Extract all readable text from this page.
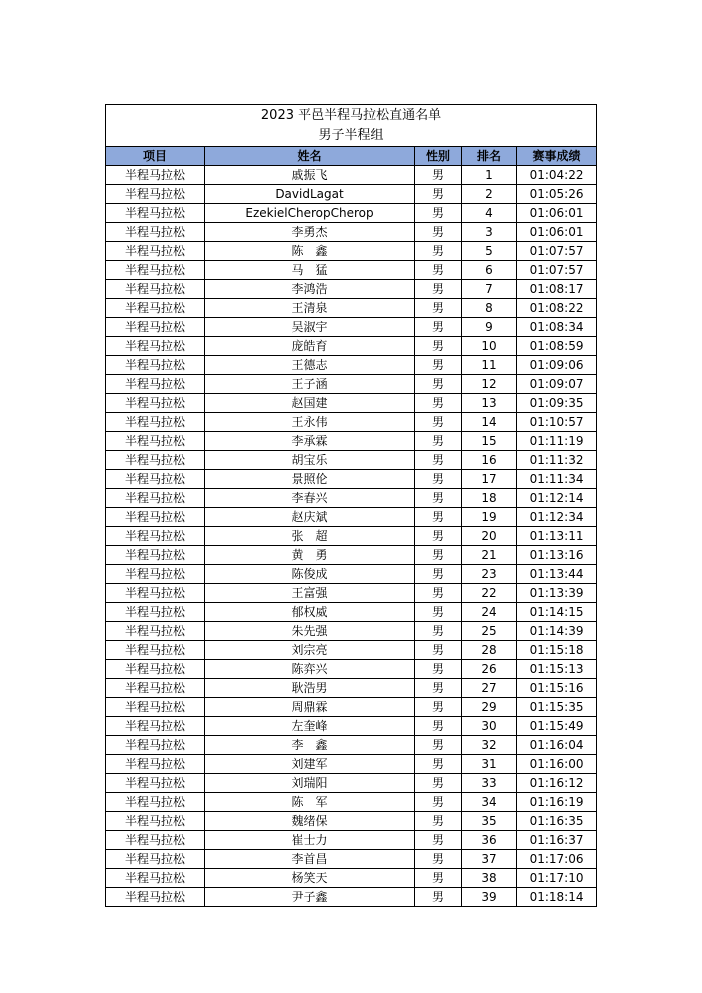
2023 平邑半程马拉松直通名单				
男子半程组				
项目	姓名	性别	排名	赛事成绩
半程马拉松	戚振飞	男	1	01:04:22
半程马拉松	DavidLagat	男	2	01:05:26
半程马拉松	EzekielCheropCherop	男	4	01:06:01
半程马拉松	李勇杰	男	3	01:06:01
半程马拉松	陈　鑫	男	5	01:07:57
半程马拉松	马　猛	男	6	01:07:57
半程马拉松	李鸿浩	男	7	01:08:17
半程马拉松	王清泉	男	8	01:08:22
半程马拉松	吴淑宇	男	9	01:08:34
半程马拉松	庞皓育	男	10	01:08:59
半程马拉松	王德志	男	11	01:09:06
半程马拉松	王子涵	男	12	01:09:07
半程马拉松	赵国建	男	13	01:09:35
半程马拉松	王永伟	男	14	01:10:57
半程马拉松	李承霖	男	15	01:11:19
半程马拉松	胡宝乐	男	16	01:11:32
半程马拉松	景照伦	男	17	01:11:34
半程马拉松	李春兴	男	18	01:12:14
半程马拉松	赵庆斌	男	19	01:12:34
半程马拉松	张　超	男	20	01:13:11
半程马拉松	黄　勇	男	21	01:13:16
半程马拉松	陈俊成	男	23	01:13:44
半程马拉松	王富强	男	22	01:13:39
半程马拉松	郁权威	男	24	01:14:15
半程马拉松	朱先强	男	25	01:14:39
半程马拉松	刘宗亮	男	28	01:15:18
半程马拉松	陈弈兴	男	26	01:15:13
半程马拉松	耿浩男	男	27	01:15:16
半程马拉松	周鼎霖	男	29	01:15:35
半程马拉松	左奎峰	男	30	01:15:49
半程马拉松	李　鑫	男	32	01:16:04
半程马拉松	刘建军	男	31	01:16:00
半程马拉松	刘瑞阳	男	33	01:16:12
半程马拉松	陈　军	男	34	01:16:19
半程马拉松	魏绪保	男	35	01:16:35
半程马拉松	崔士力	男	36	01:16:37
半程马拉松	李首昌	男	37	01:17:06
半程马拉松	杨笑天	男	38	01:17:10
半程马拉松	尹子鑫	男	39	01:18:14
